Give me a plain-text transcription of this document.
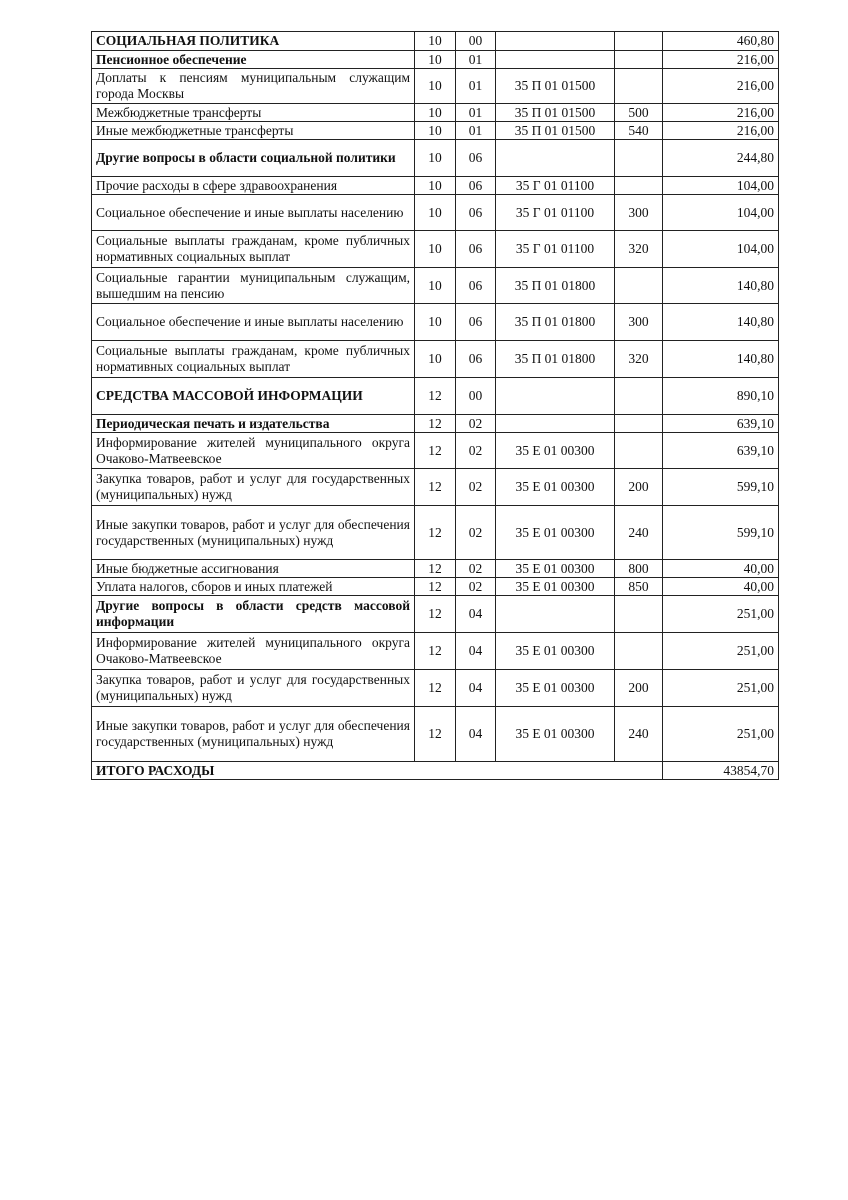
СОЦИАЛЬНАЯ ПОЛИТИКА	10	00			460,80
Пенсионное обеспечение	10	01			216,00
Доплаты к пенсиям муниципальным служащим города Москвы	10	01	35 П 01 01500		216,00
Межбюджетные трансферты	10	01	35 П 01 01500	500	216,00
Иные межбюджетные трансферты	10	01	35 П 01 01500	540	216,00
Другие вопросы в области социальной политики	10	06			244,80
Прочие расходы в сфере здравоохранения	10	06	35 Г 01 01100		104,00
Социальное обеспечение и иные выплаты населению	10	06	35 Г 01 01100	300	104,00
Социальные выплаты гражданам, кроме публичных нормативных социальных выплат	10	06	35 Г 01 01100	320	104,00
Социальные гарантии муниципальным служащим, вышедшим на пенсию	10	06	35 П 01 01800		140,80
Социальное обеспечение и иные выплаты населению	10	06	35 П 01 01800	300	140,80
Социальные выплаты гражданам, кроме публичных нормативных социальных выплат	10	06	35 П 01 01800	320	140,80
СРЕДСТВА МАССОВОЙ ИНФОРМАЦИИ	12	00			890,10
Периодическая печать и издательства	12	02			639,10
Информирование жителей муниципального округа Очаково-Матвеевское	12	02	35 Е 01 00300		639,10
Закупка товаров, работ и услуг для государственных (муниципальных) нужд	12	02	35 Е 01 00300	200	599,10
Иные закупки товаров, работ и услуг для обеспечения государственных (муниципальных) нужд	12	02	35 Е 01 00300	240	599,10
Иные бюджетные ассигнования	12	02	35 Е 01 00300	800	40,00
Уплата налогов, сборов и иных платежей	12	02	35 Е 01 00300	850	40,00
Другие вопросы в области средств массовой информации	12	04			251,00
Информирование жителей муниципального округа Очаково-Матвеевское	12	04	35 Е 01 00300		251,00
Закупка товаров, работ и услуг для государственных (муниципальных) нужд	12	04	35 Е 01 00300	200	251,00
Иные закупки товаров, работ и услуг для обеспечения государственных (муниципальных) нужд	12	04	35 Е 01 00300	240	251,00
ИТОГО РАСХОДЫ					43854,70
